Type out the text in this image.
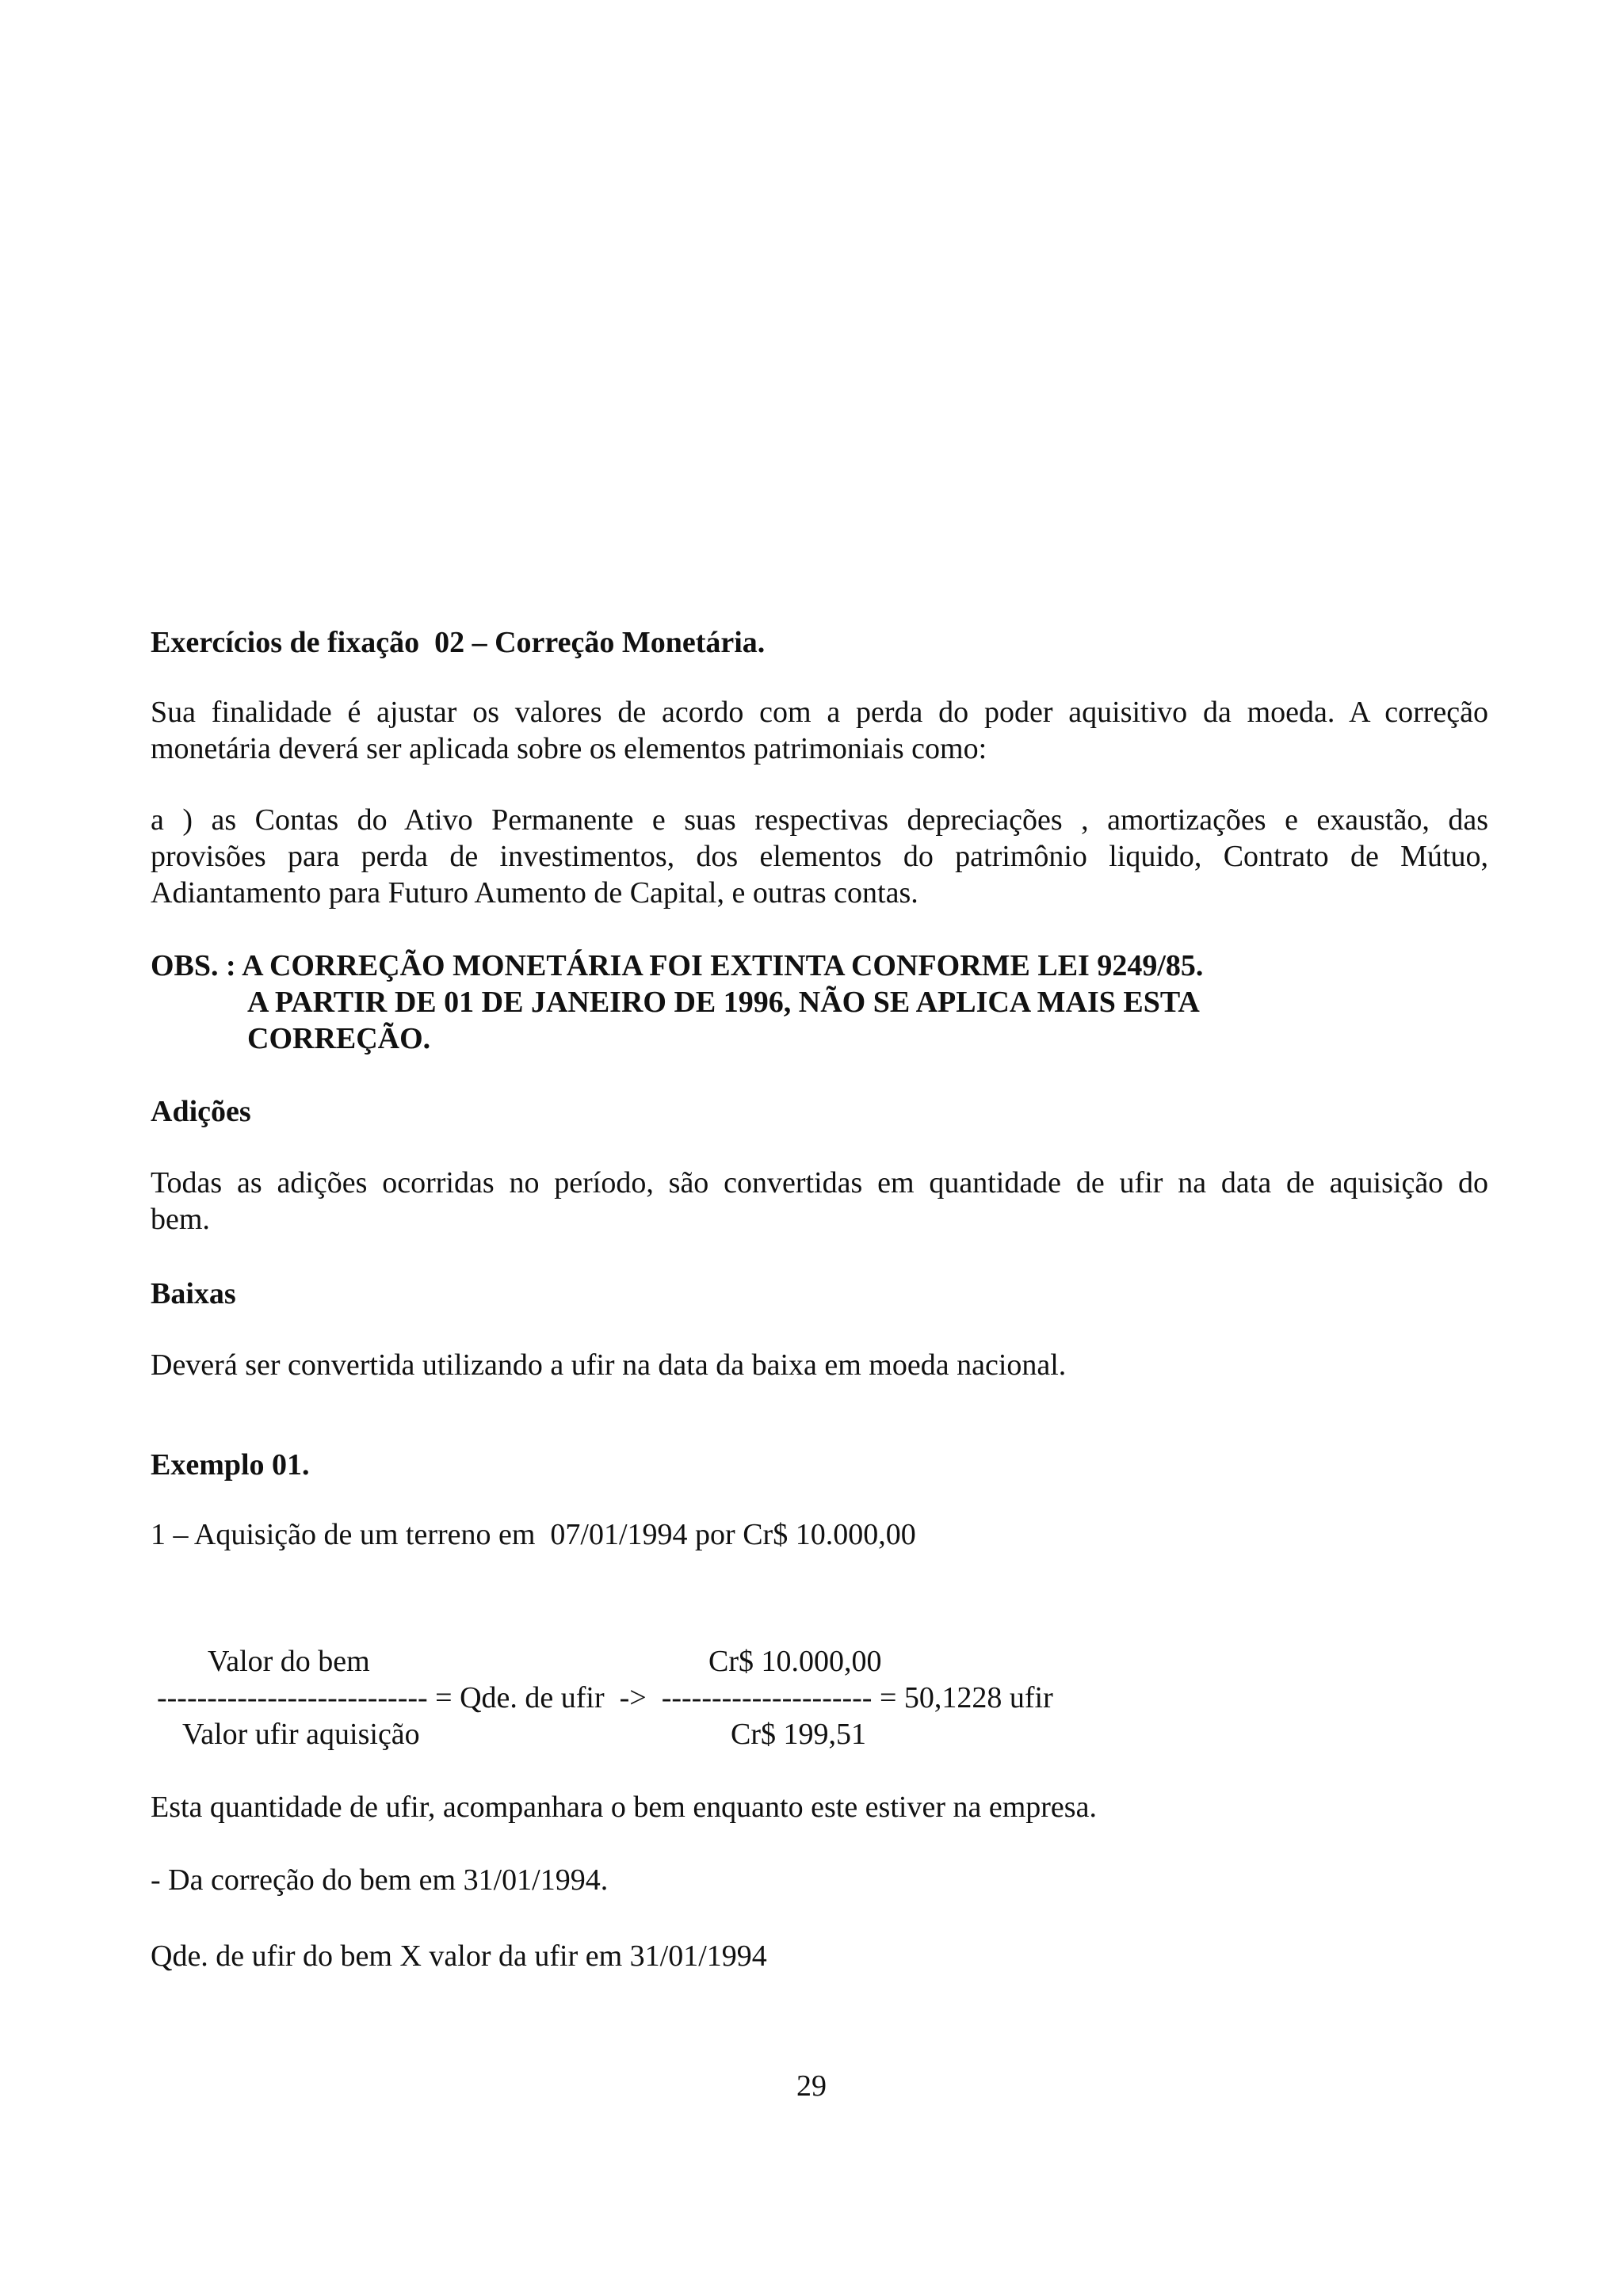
Exercícios de fixação  02 – Correção Monetária.
Sua finalidade é ajustar os valores de acordo com a perda do poder aquisitivo da moeda. A correção
monetária deverá ser aplicada sobre os elementos patrimoniais como:
a ) as Contas do Ativo Permanente e suas respectivas depreciações , amortizações e exaustão, das
provisões para perda de investimentos, dos elementos do patrimônio liquido, Contrato de Mútuo,
Adiantamento para Futuro Aumento de Capital, e outras contas.
OBS. : A CORREÇÃO MONETÁRIA FOI EXTINTA CONFORME LEI 9249/85.
A PARTIR DE 01 DE JANEIRO DE 1996, NÃO SE APLICA MAIS ESTA
CORREÇÃO.
Adições
Todas as adições ocorridas no período, são convertidas em quantidade de ufir na data de aquisição do
bem.
Baixas
Deverá ser convertida utilizando a ufir na data da baixa em moeda nacional.
Exemplo 01.
1 – Aquisição de um terreno em  07/01/1994 por Cr$ 10.000,00
Valor do bem	Cr$ 10.000,00
--------------------------- = Qde. de ufir  ->  --------------------- = 50,1228 ufir
Valor ufir aquisição	Cr$ 199,51
Esta quantidade de ufir, acompanhara o bem enquanto este estiver na empresa.
- Da correção do bem em 31/01/1994.
Qde. de ufir do bem X valor da ufir em 31/01/1994
29
